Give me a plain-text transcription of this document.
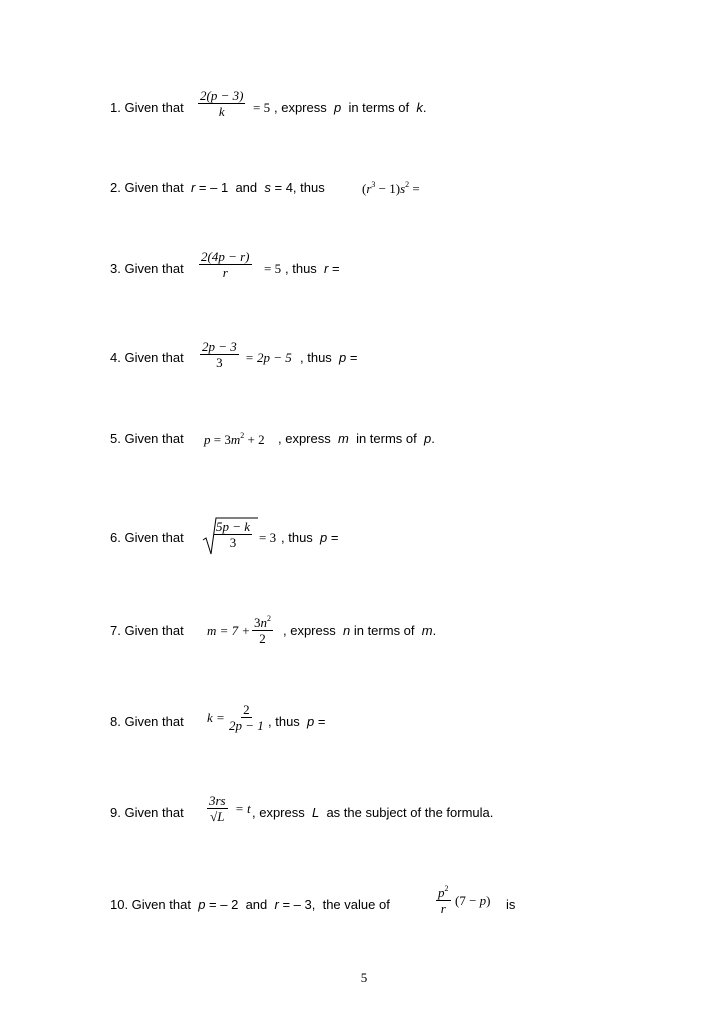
1. Given that $\frac{2(p - 3)}{k} = 5$ , express p in terms of k.
2. Given that r = – 1 and s = 4, thus	$(r^3 - 1)s^2$ =
3. Given that $\frac{2(4p - r)}{r} = 5$ , thus r =
4. Given that $\frac{2p - 3}{3} = 2p - 5$ , thus p =
5. Given that $p = 3m^2 + 2$ , express m in terms of p.
6. Given that $\frac{5p - k}{3} = 3$ , thus p =
7. Given that $m = 7 + \frac{3n^2}{2}$ , express n in terms of m.
8. Given that $k = \frac{2}{2p - 1}$ , thus p =
9. Given that $\frac{3rs}{√L} = t$ , express L as the subject of the formula.
10. Given that p = – 2 and r = – 3, the value of	$\frac{p^2}{r} (7 - p)$ is
5
